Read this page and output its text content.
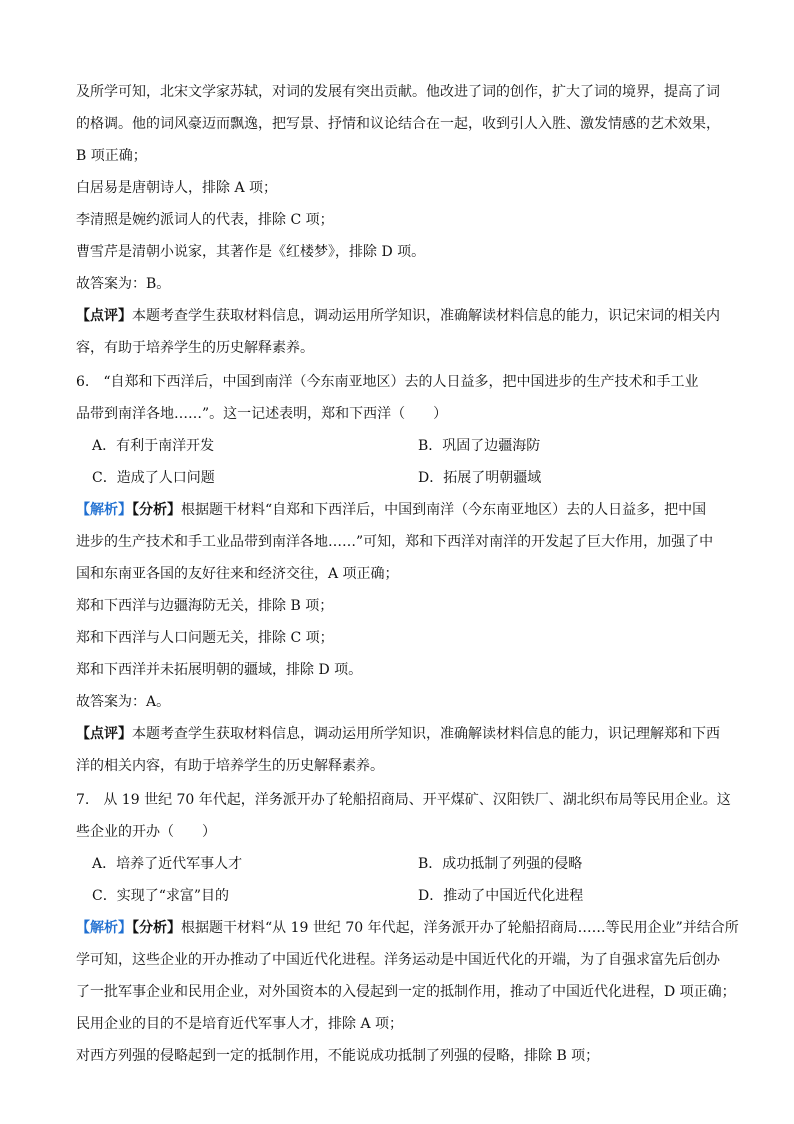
及所学可知，北宋文学家苏轼，对词的发展有突出贡献。他改进了词的创作，扩大了词的境界，提高了词
的格调。他的词风豪迈而飘逸，把写景、抒情和议论结合在一起，收到引人入胜、激发情感的艺术效果，
B 项正确；
白居易是唐朝诗人，排除 A 项；
李清照是婉约派词人的代表，排除 C 项；
曹雪芹是清朝小说家，其著作是《红楼梦》，排除 D 项。
故答案为：B。
【点评】本题考查学生获取材料信息，调动运用所学知识，准确解读材料信息的能力，识记宋词的相关内
容，有助于培养学生的历史解释素养。
6.　“自郑和下西洋后，中国到南洋（今东南亚地区）去的人日益多，把中国进步的生产技术和手工业
品带到南洋各地……”。这一记述表明，郑和下西洋（　　）
A．有利于南洋开发	B．巩固了边疆海防
C．造成了人口问题	D．拓展了明朝疆域
【解析】【分析】根据题干材料“自郑和下西洋后，中国到南洋（今东南亚地区）去的人日益多，把中国
进步的生产技术和手工业品带到南洋各地……”可知，郑和下西洋对南洋的开发起了巨大作用，加强了中
国和东南亚各国的友好往来和经济交往，A 项正确；
郑和下西洋与边疆海防无关，排除 B 项；
郑和下西洋与人口问题无关，排除 C 项；
郑和下西洋并未拓展明朝的疆域，排除 D 项。
故答案为：A。
【点评】本题考查学生获取材料信息，调动运用所学知识，准确解读材料信息的能力，识记理解郑和下西
洋的相关内容，有助于培养学生的历史解释素养。
7.　从 19 世纪 70 年代起，洋务派开办了轮船招商局、开平煤矿、汉阳铁厂、湖北织布局等民用企业。这
些企业的开办（　　）
A．培养了近代军事人才	B．成功抵制了列强的侵略
C．实现了“求富”目的	D．推动了中国近代化进程
【解析】【分析】根据题干材料“从 19 世纪 70 年代起，洋务派开办了轮船招商局……等民用企业”并结合所
学可知，这些企业的开办推动了中国近代化进程。洋务运动是中国近代化的开端，为了自强求富先后创办
了一批军事企业和民用企业，对外国资本的入侵起到一定的抵制作用，推动了中国近代化进程，D 项正确；
民用企业的目的不是培育近代军事人才，排除 A 项；
对西方列强的侵略起到一定的抵制作用，不能说成功抵制了列强的侵略，排除 B 项；
